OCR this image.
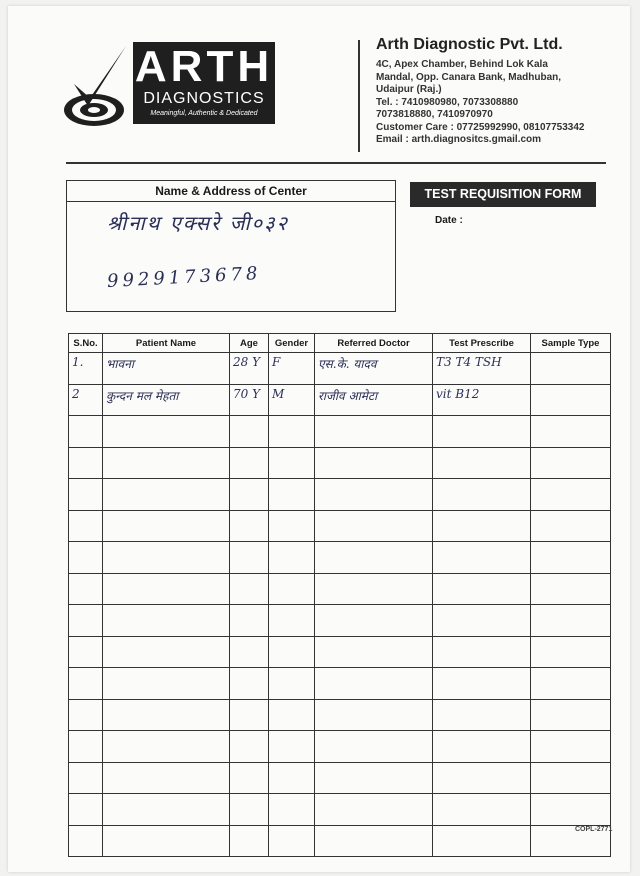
ARTH
DIAGNOSTICS
Meaningful, Authentic & Dedicated
Arth Diagnostic Pvt. Ltd.
4C, Apex Chamber, Behind Lok Kala
Mandal, Opp. Canara Bank, Madhuban,
Udaipur (Raj.)
Tel. : 7410980980, 7073308880
7073818880, 7410970970
Customer Care : 07725992990, 08107753342
Email : arth.diagnositcs.gmail.com
Name & Address of Center
श्रीनाथ एक्सरे जी०३२
9929173678
TEST REQUISITION FORM
Date :
S.No.	Patient Name	Age	Gender	Referred Doctor	Test Prescribe	Sample Type
1.	भावना	28 Y	F	एस.के. यादव	T3 T4 TSH	
2	कुन्दन मल मेहता	70 Y	M	राजीव आमेटा	vit B12	

COPL-2771
